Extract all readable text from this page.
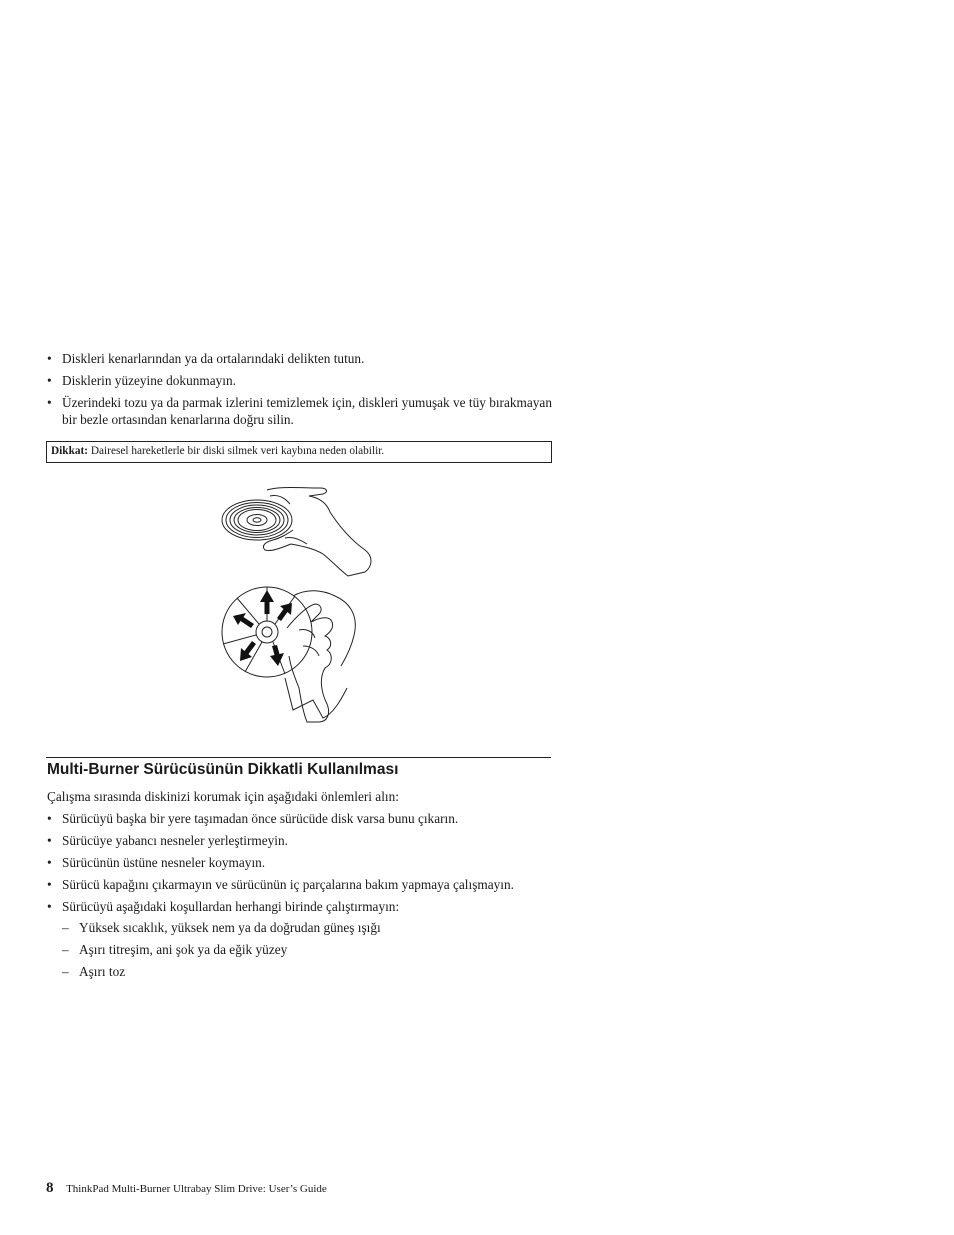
• Diskleri kenarlarından ya da ortalarındaki delikten tutun.
• Disklerin yüzeyine dokunmayın.
• Üzerindeki tozu ya da parmak izlerini temizlemek için, diskleri yumuşak ve tüy bırakmayan bir bezle ortasından kenarlarına doğru silin.
Dikkat: Dairesel hareketlerle bir diski silmek veri kaybına neden olabilir.
Multi-Burner Sürücüsünün Dikkatli Kullanılması

Çalışma sırasında diskinizi korumak için aşağıdaki önlemleri alın:

• Sürücüyü başka bir yere taşımadan önce sürücüde disk varsa bunu çıkarın.
• Sürücüye yabancı nesneler yerleştirmeyin.
• Sürücünün üstüne nesneler koymayın.
• Sürücü kapağını çıkarmayın ve sürücünün iç parçalarına bakım yapmaya çalışmayın.
• Sürücüyü aşağıdaki koşullardan herhangi birinde çalıştırmayın:
– Yüksek sıcaklık, yüksek nem ya da doğrudan güneş ışığı
– Aşırı titreşim, ani şok ya da eğik yüzey
– Aşırı toz
8 ThinkPad Multi-Burner Ultrabay Slim Drive: User’s Guide
